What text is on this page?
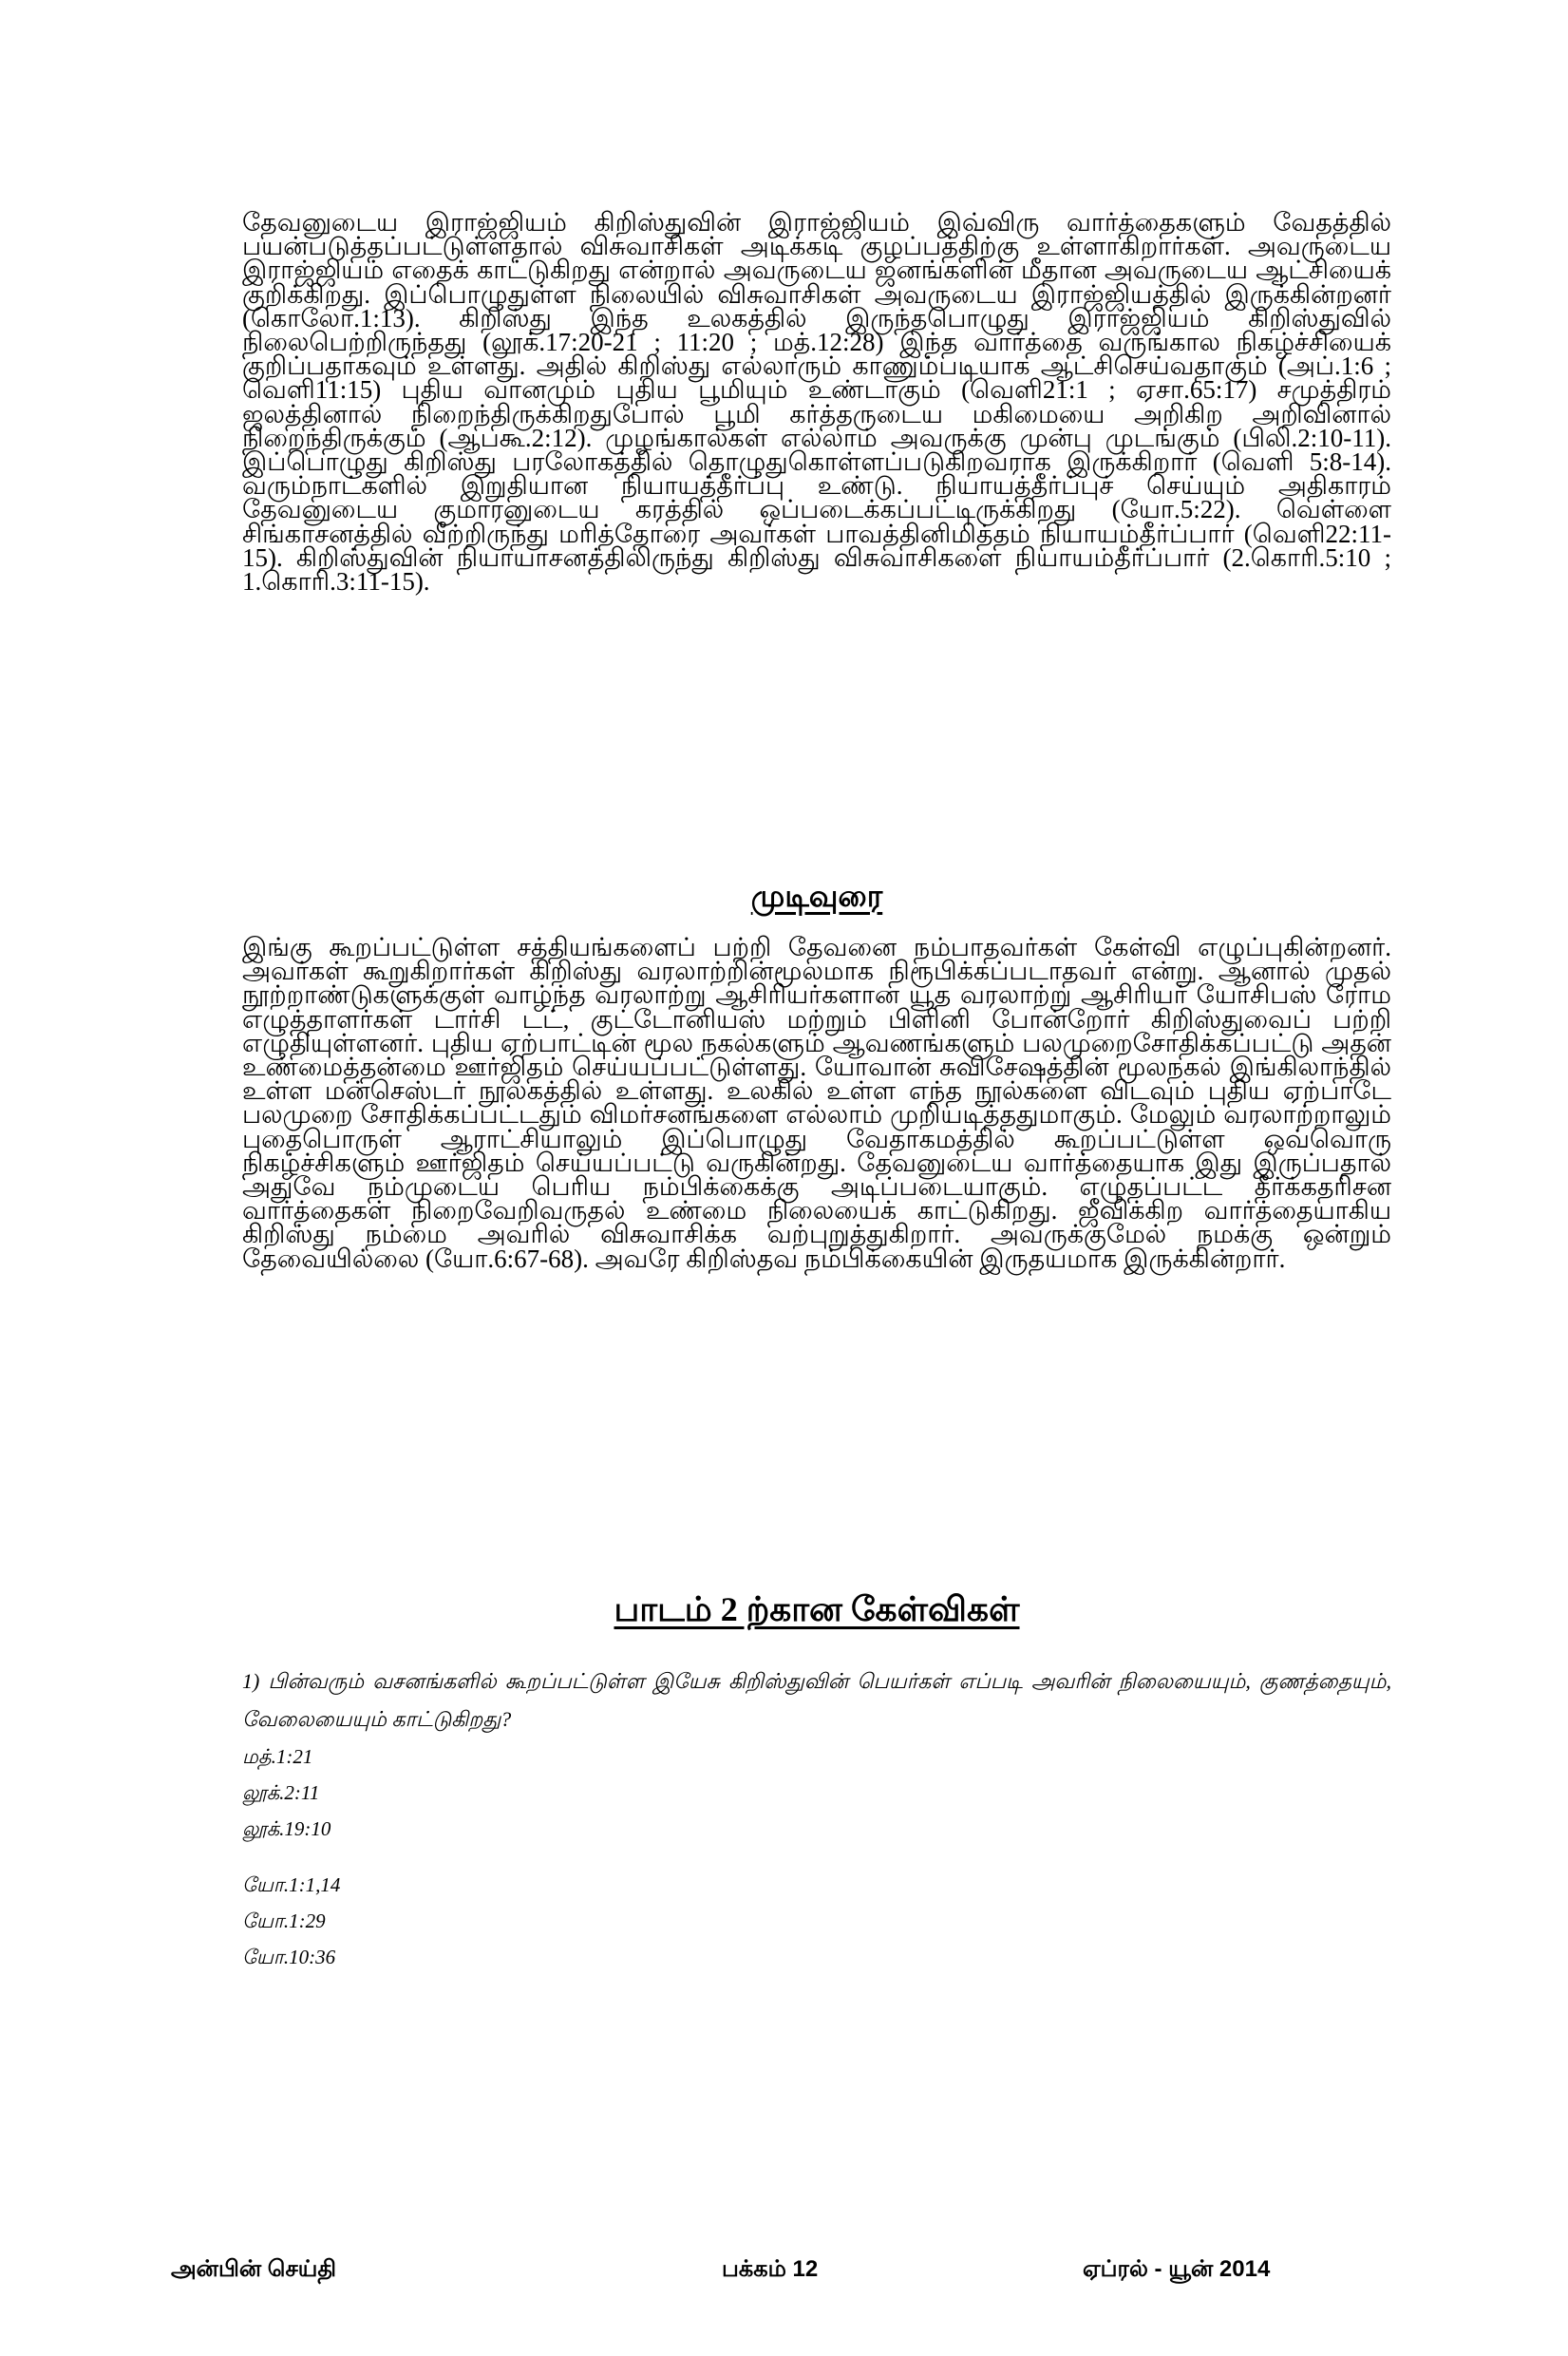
தேவனுடைய இராஜ்ஜியம் கிறிஸ்துவின் இராஜ்ஜியம் இவ்விரு வார்த்தைகளும் வேதத்தில் பயன்படுத்தப்பட்டுள்ளதால் விசுவாசிகள் அடிக்கடி குழப்பத்திற்கு உள்ளாகிறார்கள். அவருடைய இராஜ்ஜியம் எதைக் காட்டுகிறது என்றால் அவருடைய ஜனங்களின் மீதான அவருடைய ஆட்சியைக் குறிக்கிறது. இப்பொழுதுள்ள நிலையில் விசுவாசிகள் அவருடைய இராஜ்ஜியத்தில் இருக்கின்றனர் (கொலோ.1:13). கிறிஸ்து இந்த உலகத்தில் இருந்தபொழுது இராஜ்ஜியம் கிறிஸ்துவில் நிலைபெற்றிருந்தது (லூக்.17:20-21 ; 11:20 ; மத்.12:28) இந்த வார்த்தை வருங்கால நிகழ்ச்சியைக் குறிப்பதாகவும் உள்ளது. அதில் கிறிஸ்து எல்லாரும் காணும்படியாக ஆட்சிசெய்வதாகும் (அப்.1:6 ; வெளி11:15) புதிய வானமும் புதிய பூமியும் உண்டாகும் (வெளி21:1 ; ஏசா.65:17) சமுத்திரம் ஜலத்தினால் நிறைந்திருக்கிறதுபோல் பூமி கர்த்தருடைய மகிமையை அறிகிற அறிவினால் நிறைந்திருக்கும் (ஆபகூ.2:12). முழங்கால்கள் எல்லாம் அவருக்கு முன்பு முடங்கும் (பிலி.2:10-11). இப்பொழுது கிறிஸ்து பரலோகத்தில் தொழுதுகொள்ளப்படுகிறவராக இருக்கிறார் (வெளி 5:8-14). வரும்நாட்களில் இறுதியான நியாயத்தீர்ப்பு உண்டு. நியாயத்தீர்ப்புச் செய்யும் அதிகாரம் தேவனுடைய குமாரனுடைய கரத்தில் ஒப்படைக்கப்பட்டிருக்கிறது (யோ.5:22). வெள்ளை சிங்காசனத்தில் வீற்றிருந்து மரித்தோரை அவர்கள் பாவத்தினிமித்தம் நியாயம்தீர்ப்பார் (வெளி22:11-15). கிறிஸ்துவின் நியாயாசனத்திலிருந்து கிறிஸ்து விசுவாசிகளை நியாயம்தீர்ப்பார் (2.கொரி.5:10 ; 1.கொரி.3:11-15).

முடிவுரை

இங்கு கூறப்பட்டுள்ள சத்தியங்களைப் பற்றி தேவனை நம்பாதவர்கள் கேள்வி எழுப்புகின்றனர். அவர்கள் கூறுகிறார்கள் கிறிஸ்து வரலாற்றின்மூலமாக நிரூபிக்கப்படாதவர் என்று. ஆனால் முதல் நூற்றாண்டுகளுக்குள் வாழ்ந்த வரலாற்று ஆசிரியர்களான யூத வரலாற்று ஆசிரியர் யோசிபஸ் ரோம எழுத்தாளர்கள் டார்சி டட், குட்டோனியஸ் மற்றும் பிளினி போன்றோர் கிறிஸ்துவைப் பற்றி எழுதியுள்ளனர். புதிய ஏற்பாட்டின் மூல நகல்களும் ஆவணங்களும் பலமுறைசோதிக்கப்பட்டு அதன் உண்மைத்தன்மை ஊர்ஜிதம் செய்யப்பட்டுள்ளது. யோவான் சுவிசேஷத்தின் மூலநகல் இங்கிலாந்தில் உள்ள மன்செஸ்டர் நூலகத்தில் உள்ளது. உலகில் உள்ள எந்த நூல்களை விடவும் புதிய ஏற்பாடே பலமுறை சோதிக்கப்பட்டதும் விமர்சனங்களை எல்லாம் முறியடித்ததுமாகும். மேலும் வரலாற்றாலும் புதைபொருள் ஆராட்சியாலும் இப்பொழுது வேதாகமத்தில் கூறப்பட்டுள்ள ஒவ்வொரு நிகழ்ச்சிகளும் ஊர்ஜிதம் செய்யப்பட்டு வருகின்றது. தேவனுடைய வார்த்தையாக இது இருப்பதால் அதுவே நம்முடைய பெரிய நம்பிக்கைக்கு அடிப்படையாகும். எழுதப்பட்ட தீர்க்கதரிசன வார்த்தைகள் நிறைவேறிவருதல் உண்மை நிலையைக் காட்டுகிறது. ஜீவிக்கிற வார்த்தையாகிய கிறிஸ்து நம்மை அவரில் விசுவாசிக்க வற்புறுத்துகிறார். அவருக்குமேல் நமக்கு ஒன்றும் தேவையில்லை (யோ.6:67-68). அவரே கிறிஸ்தவ நம்பிக்கையின் இருதயமாக இருக்கின்றார்.

பாடம் 2 ற்கான கேள்விகள்

1) பின்வரும் வசனங்களில் கூறப்பட்டுள்ள இயேசு கிறிஸ்துவின் பெயர்கள் எப்படி அவரின் நிலையையும், குணத்தையும், வேலையையும் காட்டுகிறது?

மத்.1:21
லூக்.2:11
லூக்.19:10
யோ.1:1,14
யோ.1:29
யோ.10:36
அன்பின் செய்தி	பக்கம் 12	ஏப்ரல் - யூன் 2014
